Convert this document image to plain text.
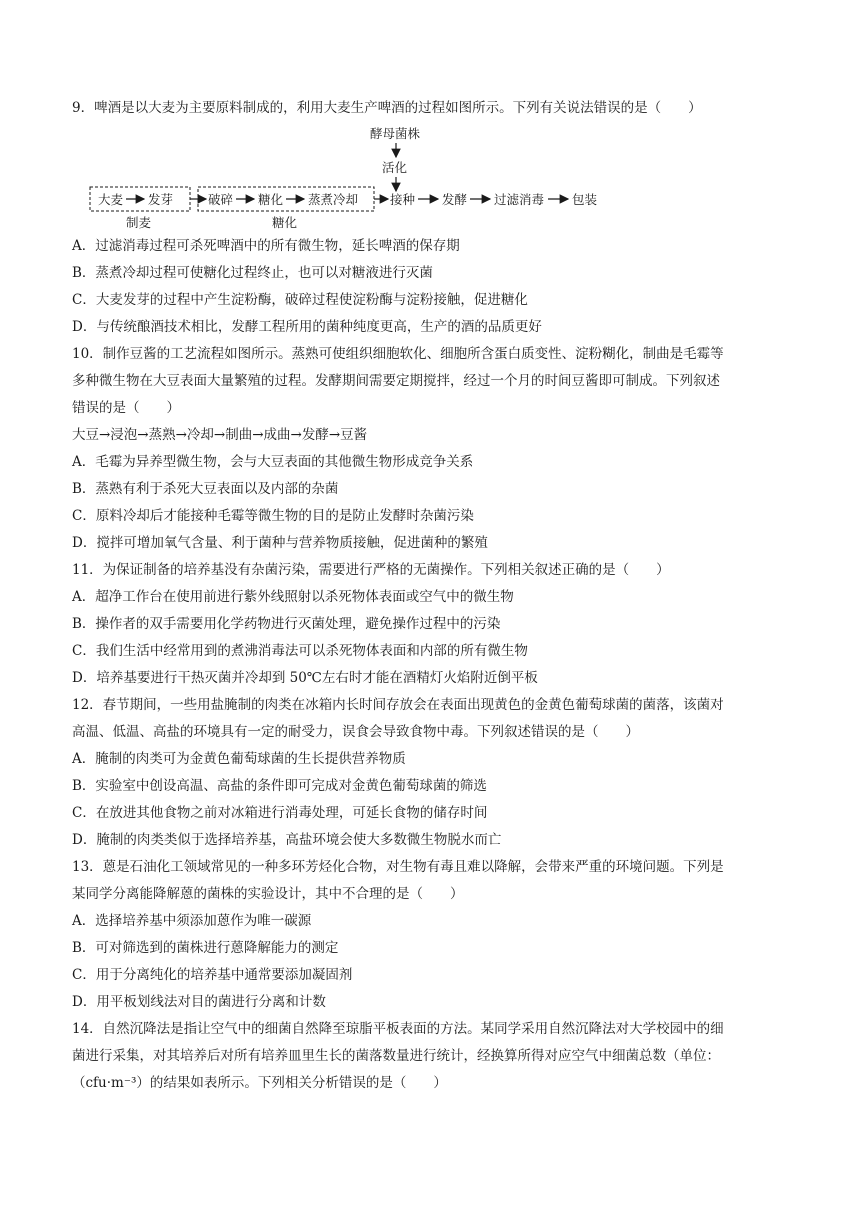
9．啤酒是以大麦为主要原料制成的，利用大麦生产啤酒的过程如图所示。下列有关说法错误的是（　　）
酵母菌株
活化
大麦 发芽	破碎 糖化 蒸煮冷却	接种 发酵 过滤消毒 包装
制麦	糖化
A．过滤消毒过程可杀死啤酒中的所有微生物，延长啤酒的保存期
B．蒸煮冷却过程可使糖化过程终止，也可以对糖液进行灭菌
C．大麦发芽的过程中产生淀粉酶，破碎过程使淀粉酶与淀粉接触，促进糖化
D．与传统酿酒技术相比，发酵工程所用的菌种纯度更高，生产的酒的品质更好
10．制作豆酱的工艺流程如图所示。蒸熟可使组织细胞软化、细胞所含蛋白质变性、淀粉糊化，制曲是毛霉等
多种微生物在大豆表面大量繁殖的过程。发酵期间需要定期搅拌，经过一个月的时间豆酱即可制成。下列叙述
错误的是（　　）
大豆→浸泡→蒸熟→冷却→制曲→成曲→发酵→豆酱
A．毛霉为异养型微生物，会与大豆表面的其他微生物形成竞争关系
B．蒸熟有利于杀死大豆表面以及内部的杂菌
C．原料冷却后才能接种毛霉等微生物的目的是防止发酵时杂菌污染
D．搅拌可增加氧气含量、利于菌种与营养物质接触，促进菌种的繁殖
11．为保证制备的培养基没有杂菌污染，需要进行严格的无菌操作。下列相关叙述正确的是（　　）
A．超净工作台在使用前进行紫外线照射以杀死物体表面或空气中的微生物
B．操作者的双手需要用化学药物进行灭菌处理，避免操作过程中的污染
C．我们生活中经常用到的煮沸消毒法可以杀死物体表面和内部的所有微生物
D．培养基要进行干热灭菌并冷却到 50℃左右时才能在酒精灯火焰附近倒平板
12．春节期间，一些用盐腌制的肉类在冰箱内长时间存放会在表面出现黄色的金黄色葡萄球菌的菌落，该菌对
高温、低温、高盐的环境具有一定的耐受力，误食会导致食物中毒。下列叙述错误的是（　　）
A．腌制的肉类可为金黄色葡萄球菌的生长提供营养物质
B．实验室中创设高温、高盐的条件即可完成对金黄色葡萄球菌的筛选
C．在放进其他食物之前对冰箱进行消毒处理，可延长食物的储存时间
D．腌制的肉类类似于选择培养基，高盐环境会使大多数微生物脱水而亡
13．蒽是石油化工领域常见的一种多环芳烃化合物，对生物有毒且难以降解，会带来严重的环境问题。下列是
某同学分离能降解蒽的菌株的实验设计，其中不合理的是（　　）
A．选择培养基中须添加蒽作为唯一碳源
B．可对筛选到的菌株进行蒽降解能力的测定
C．用于分离纯化的培养基中通常要添加凝固剂
D．用平板划线法对目的菌进行分离和计数
14．自然沉降法是指让空气中的细菌自然降至琼脂平板表面的方法。某同学采用自然沉降法对大学校园中的细
菌进行采集，对其培养后对所有培养皿里生长的菌落数量进行统计，经换算所得对应空气中细菌总数（单位：
（cfu·m⁻³）的结果如表所示。下列相关分析错误的是（　　）
